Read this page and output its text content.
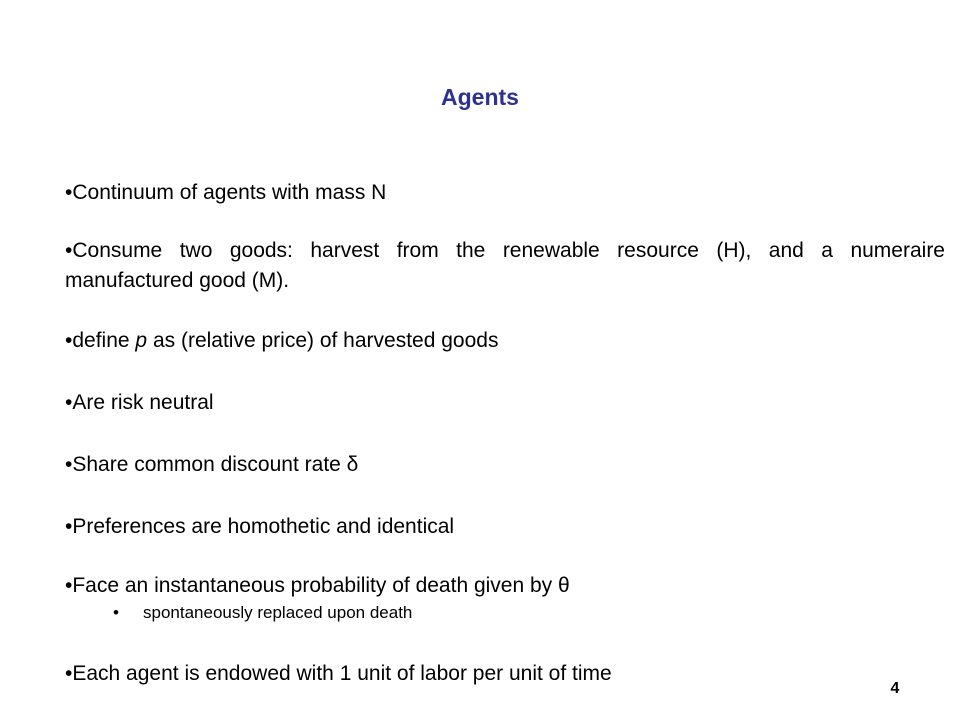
Agents

•Continuum of agents with mass N

•Consume two goods: harvest from the renewable resource (H), and a numeraire manufactured good (M).

•define p as (relative price) of harvested goods

•Are risk neutral

•Share common discount rate δ

•Preferences are homothetic and identical

•Face an instantaneous probability of death given by θ

•Each agent is endowed with 1 unit of labor per unit of time

• spontaneously replaced upon death

4
